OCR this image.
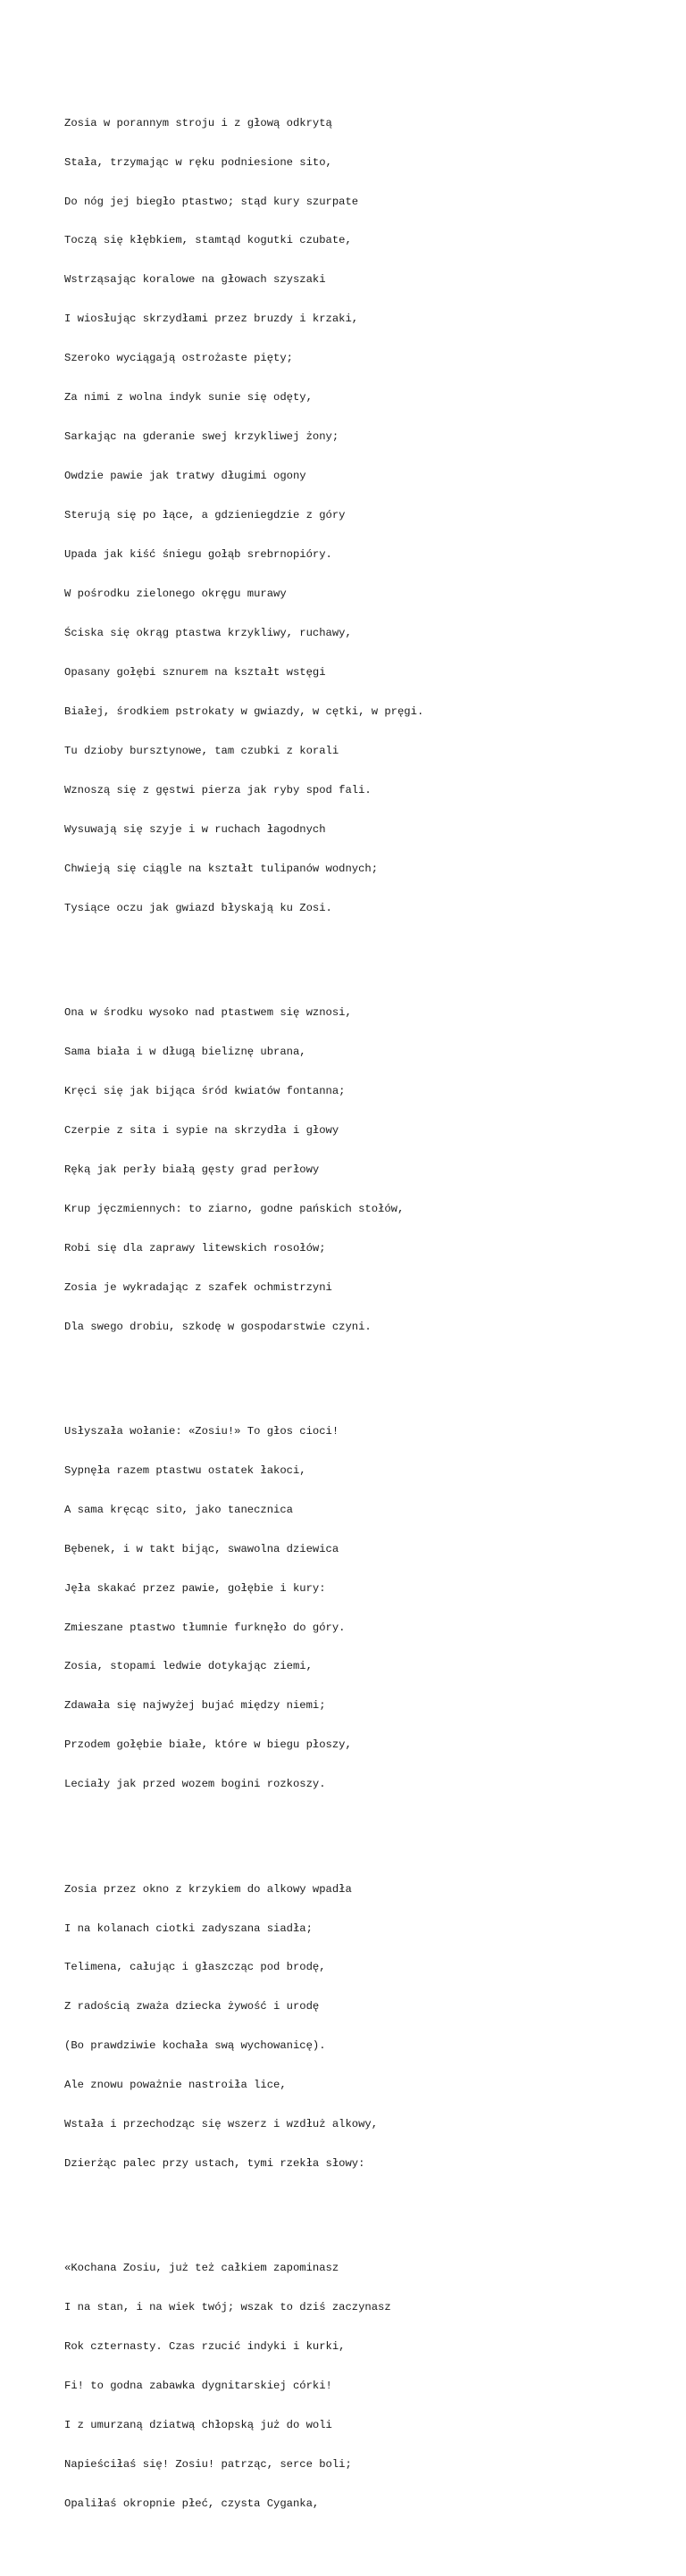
Zosia w porannym stroju i z głową odkrytą

Stała, trzymając w ręku podniesione sito,

Do nóg jej biegło ptastwo; stąd kury szurpate

Toczą się kłębkiem, stamtąd kogutki czubate,

Wstrząsając koralowe na głowach szyszaki

I wiosłując skrzydłami przez bruzdy i krzaki,

Szeroko wyciągają ostrożaste pięty;

Za nimi z wolna indyk sunie się odęty,

Sarkając na gderanie swej krzykliwej żony;

Owdzie pawie jak tratwy długimi ogony

Sterują się po łące, a gdzieniegdzie z góry

Upada jak kiść śniegu gołąb srebrnopióry.

W pośrodku zielonego okręgu murawy

Ściska się okrąg ptastwa krzykliwy, ruchawy,

Opasany gołębi sznurem na kształt wstęgi

Białej, środkiem pstrokaty w gwiazdy, w cętki, w pręgi.

Tu dzioby bursztynowe, tam czubki z korali

Wznoszą się z gęstwi pierza jak ryby spod fali.

Wysuwają się szyje i w ruchach łagodnych

Chwieją się ciągle na kształt tulipanów wodnych;

Tysiące oczu jak gwiazd błyskają ku Zosi.

Ona w środku wysoko nad ptastwem się wznosi,

Sama biała i w długą bieliznę ubrana,

Kręci się jak bijąca śród kwiatów fontanna;

Czerpie z sita i sypie na skrzydła i głowy

Ręką jak perły białą gęsty grad perłowy

Krup jęczmiennych: to ziarno, godne pańskich stołów,

Robi się dla zaprawy litewskich rosołów;

Zosia je wykradając z szafek ochmistrzyni

Dla swego drobiu, szkodę w gospodarstwie czyni.

Usłyszała wołanie: «Zosiu!» To głos cioci!

Sypnęła razem ptastwu ostatek łakoci,

A sama kręcąc sito, jako tanecznica

Bębenek, i w takt bijąc, swawolna dziewica

Jęła skakać przez pawie, gołębie i kury:

Zmieszane ptastwo tłumnie furknęło do góry.

Zosia, stopami ledwie dotykając ziemi,

Zdawała się najwyżej bujać między niemi;

Przodem gołębie białe, które w biegu płoszy,

Leciały jak przed wozem bogini rozkoszy.

Zosia przez okno z krzykiem do alkowy wpadła

I na kolanach ciotki zadyszana siadła;

Telimena, całując i głaszcząc pod brodę,

Z radością zważa dziecka żywość i urodę

(Bo prawdziwie kochała swą wychowanicę).

Ale znowu poważnie nastroiła lice,

Wstała i przechodząc się wszerz i wzdłuż alkowy,

Dzierżąc palec przy ustach, tymi rzekła słowy:

«Kochana Zosiu, już też całkiem zapominasz

I na stan, i na wiek twój; wszak to dziś zaczynasz

Rok czternasty. Czas rzucić indyki i kurki,

Fi! to godna zabawka dygnitarskiej córki!

I z umurzaną dziatwą chłopską już do woli

Napieściłaś się! Zosiu! patrząc, serce boli;

Opaliłaś okropnie płeć, czysta Cyganka,
